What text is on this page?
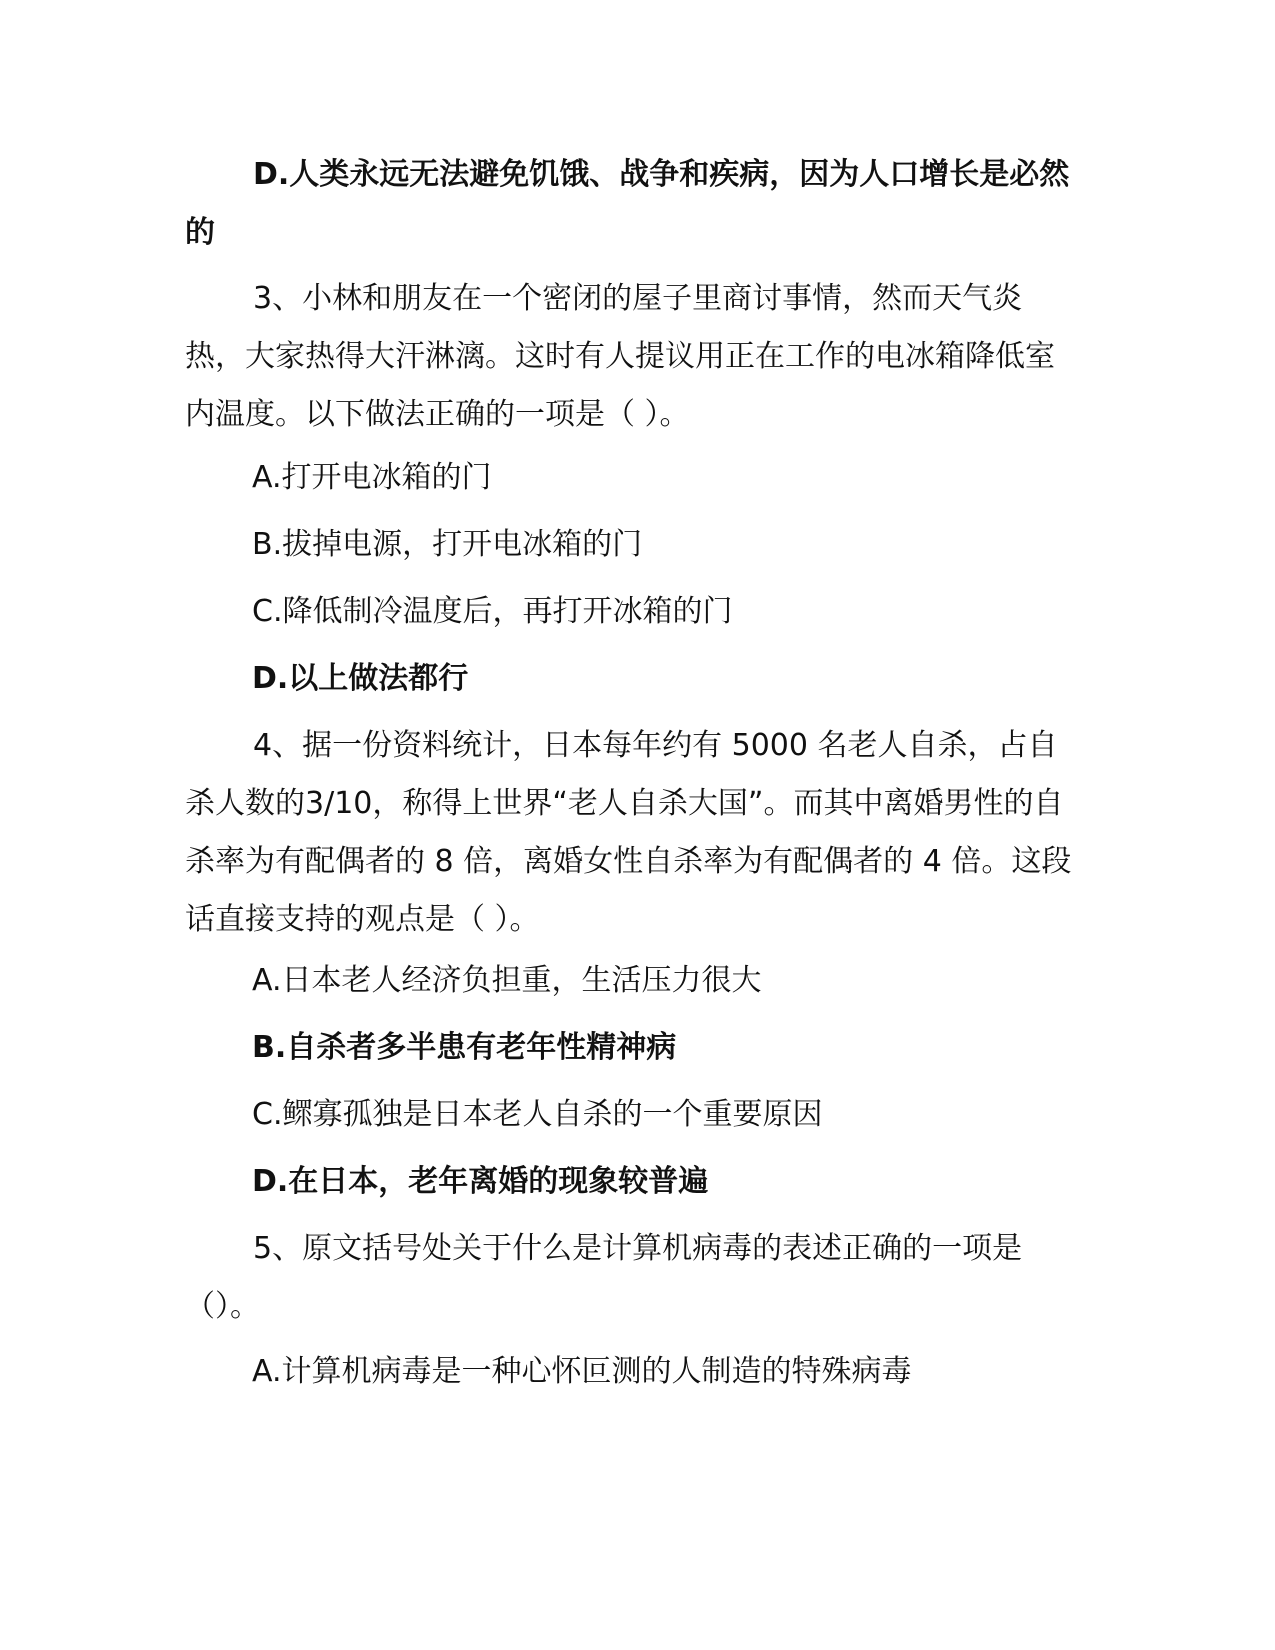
D.人类永远无法避免饥饿、战争和疾病，因为人口增长是必然的

3、小林和朋友在一个密闭的屋子里商讨事情，然而天气炎热，大家热得大汗淋漓。这时有人提议用正在工作的电冰箱降低室内温度。以下做法正确的一项是（ ）。

A.打开电冰箱的门

B.拔掉电源，打开电冰箱的门

C.降低制冷温度后，再打开冰箱的门

D.以上做法都行

4、据一份资料统计，日本每年约有 5000 名老人自杀，占自杀人数的3/10，称得上世界“老人自杀大国”。而其中离婚男性的自杀率为有配偶者的 8 倍，离婚女性自杀率为有配偶者的 4 倍。这段话直接支持的观点是（ ）。

A.日本老人经济负担重，生活压力很大

B.自杀者多半患有老年性精神病

C.鳏寡孤独是日本老人自杀的一个重要原因

D.在日本，老年离婚的现象较普遍

5、原文括号处关于什么是计算机病毒的表述正确的一项是（）。

A.计算机病毒是一种心怀叵测的人制造的特殊病毒
